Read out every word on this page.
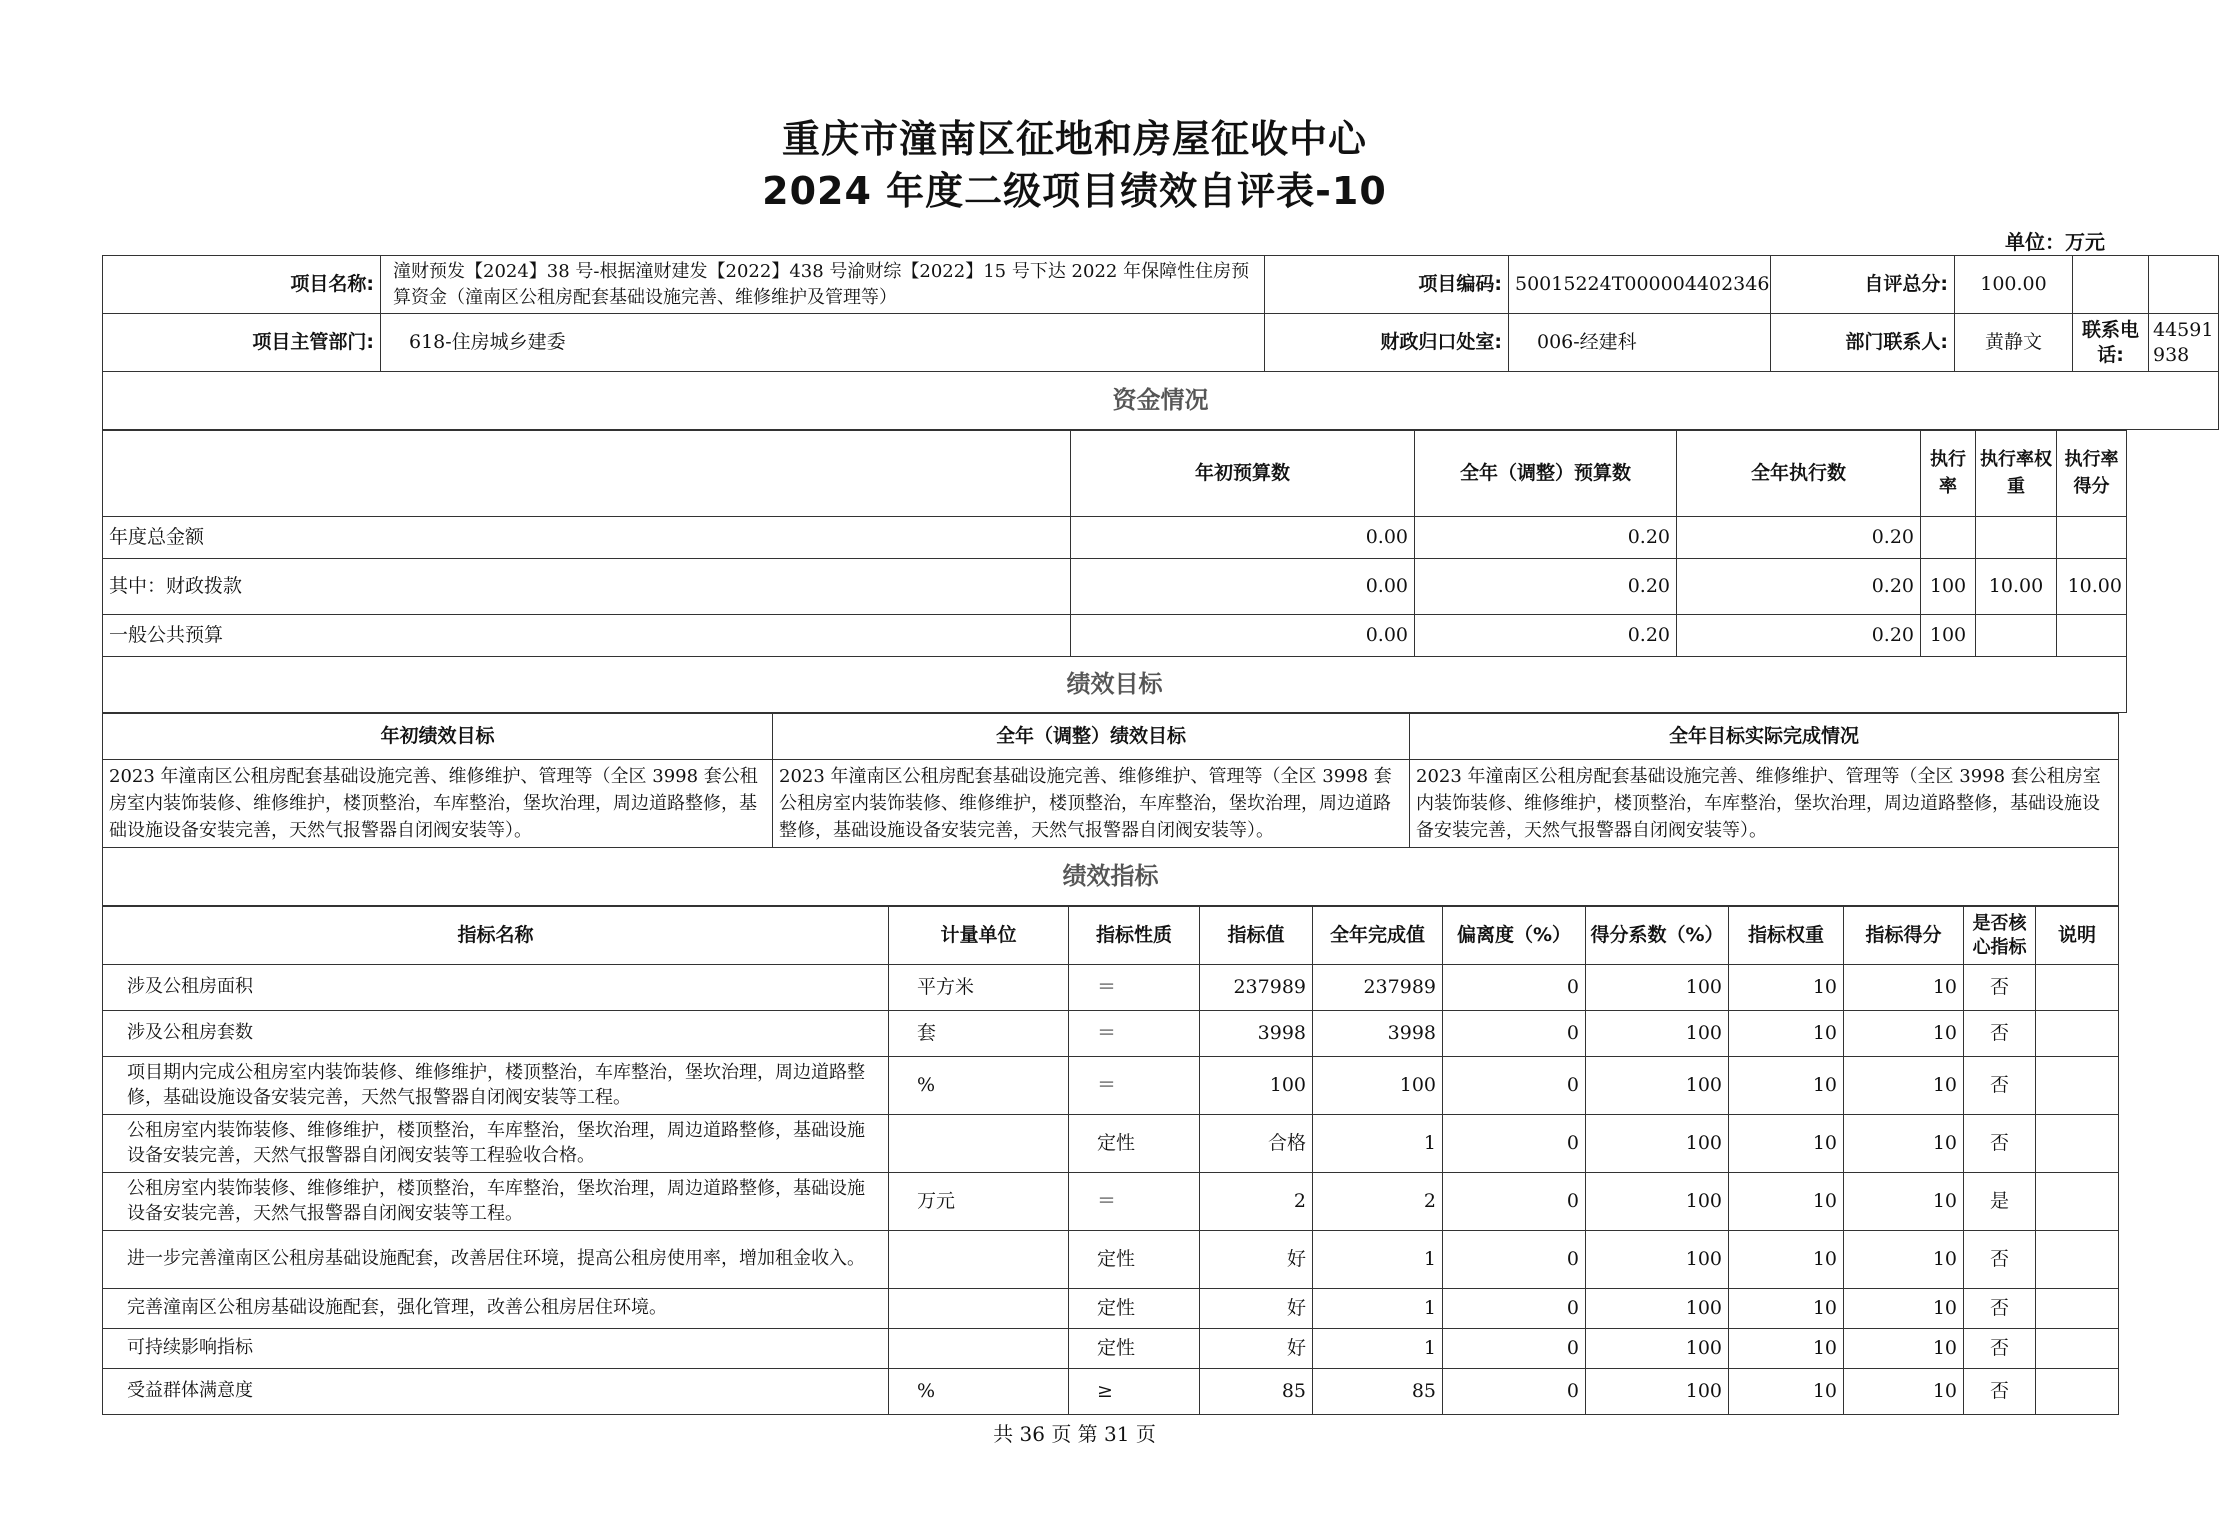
重庆市潼南区征地和房屋征收中心
2024 年度二级项目绩效自评表-10
单位：万元
项目名称:	潼财预发【2024】38 号-根据潼财建发【2022】438 号渝财综【2022】15 号下达 2022 年保障性住房预算资金（潼南区公租房配套基础设施完善、维修维护及管理等）	项目编码:	50015224T000004402346	自评总分:	100.00		
项目主管部门:	618-住房城乡建委	财政归口处室:	006-经建科	部门联系人:	黄静文	联系电话:	44591938
资金情况							
	年初预算数	全年（调整）预算数	全年执行数	执行率	执行率权重	执行率得分
年度总金额	0.00	0.20	0.20			
其中：财政拨款	0.00	0.20	0.20	100	10.00	10.00
一般公共预算	0.00	0.20	0.20	100		
绩效目标						
年初绩效目标	全年（调整）绩效目标	全年目标实际完成情况
2023 年潼南区公租房配套基础设施完善、维修维护、管理等（全区 3998 套公租房室内装饰装修、维修维护，楼顶整治，车库整治，堡坎治理，周边道路整修，基础设施设备安装完善，天然气报警器自闭阀安装等）。	2023 年潼南区公租房配套基础设施完善、维修维护、管理等（全区 3998 套公租房室内装饰装修、维修维护，楼顶整治，车库整治，堡坎治理，周边道路整修，基础设施设备安装完善，天然气报警器自闭阀安装等）。	2023 年潼南区公租房配套基础设施完善、维修维护、管理等（全区 3998 套公租房室内装饰装修、维修维护，楼顶整治，车库整治，堡坎治理，周边道路整修，基础设施设备安装完善，天然气报警器自闭阀安装等）。
绩效指标		
指标名称	计量单位	指标性质	指标值	全年完成值	偏离度（%）	得分系数（%）	指标权重	指标得分	是否核心指标	说明
涉及公租房面积	平方米	＝	237989	237989	0	100	10	10	否	
涉及公租房套数	套	＝	3998	3998	0	100	10	10	否	
项目期内完成公租房室内装饰装修、维修维护，楼顶整治，车库整治，堡坎治理，周边道路整修，基础设施设备安装完善，天然气报警器自闭阀安装等工程。	%	＝	100	100	0	100	10	10	否	
公租房室内装饰装修、维修维护，楼顶整治，车库整治，堡坎治理，周边道路整修，基础设施设备安装完善，天然气报警器自闭阀安装等工程验收合格。		定性	合格	1	0	100	10	10	否	
公租房室内装饰装修、维修维护，楼顶整治，车库整治，堡坎治理，周边道路整修，基础设施设备安装完善，天然气报警器自闭阀安装等工程。	万元	＝	2	2	0	100	10	10	是	
进一步完善潼南区公租房基础设施配套，改善居住环境，提高公租房使用率，增加租金收入。		定性	好	1	0	100	10	10	否	
完善潼南区公租房基础设施配套，强化管理，改善公租房居住环境。		定性	好	1	0	100	10	10	否	
可持续影响指标		定性	好	1	0	100	10	10	否	
受益群体满意度	%	≥	85	85	0	100	10	10	否	
共 36 页 第 31 页
